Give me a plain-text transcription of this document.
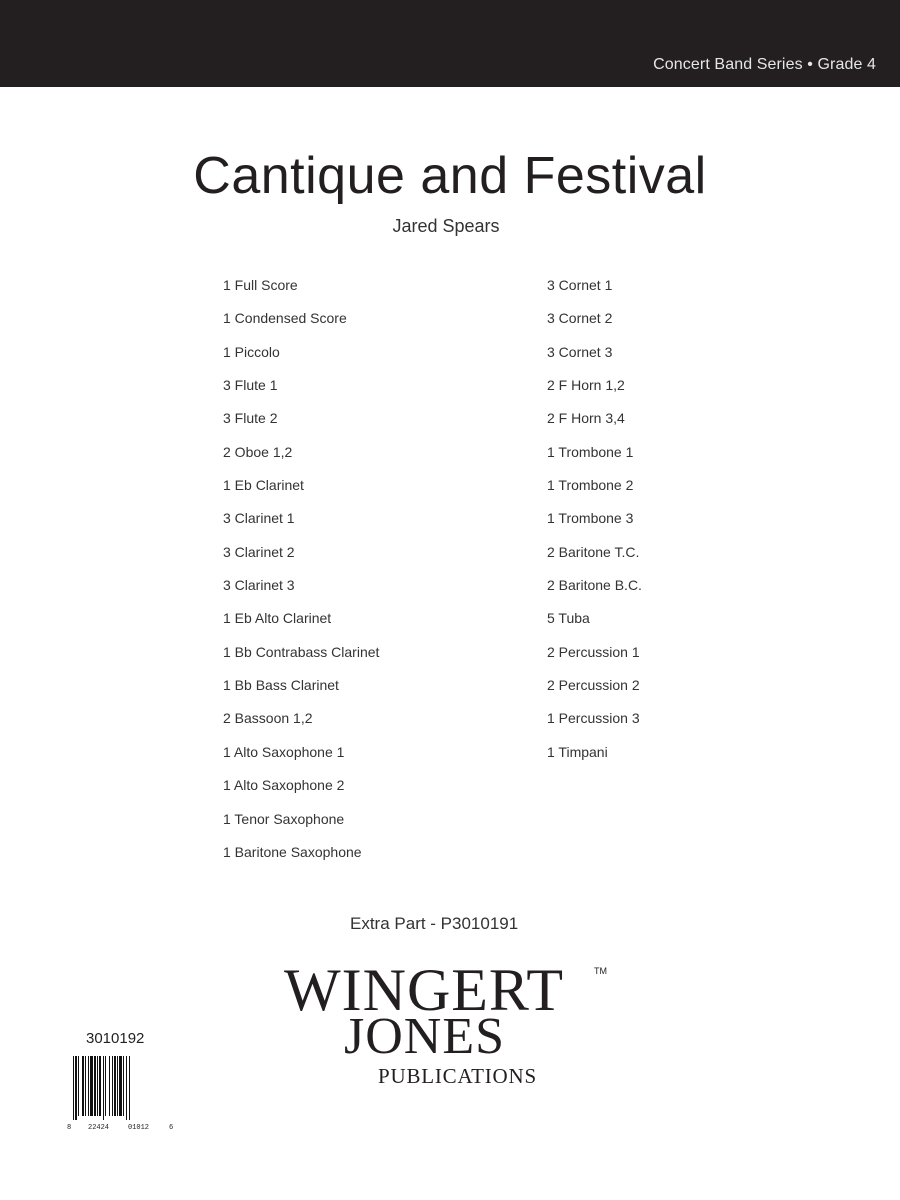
Concert Band Series • Grade 4
Cantique and Festival
Jared Spears
1 Full Score
1 Condensed Score
1 Piccolo
3 Flute 1
3 Flute 2
2 Oboe 1,2
1 Eb Clarinet
3 Clarinet 1
3 Clarinet 2
3 Clarinet 3
1 Eb Alto Clarinet
1 Bb Contrabass Clarinet
1 Bb Bass Clarinet
2 Bassoon 1,2
1 Alto Saxophone 1
1 Alto Saxophone 2
1 Tenor Saxophone
1 Baritone Saxophone
3 Cornet 1
3 Cornet 2
3 Cornet 3
2 F Horn 1,2
2 F Horn 3,4
1 Trombone 1
1 Trombone 2
1 Trombone 3
2 Baritone T.C.
2 Baritone B.C.
5 Tuba
2 Percussion 1
2 Percussion 2
1 Percussion 3
1 Timpani
Extra Part - P3010191
WINGERT	TM
JONES
PUBLICATIONS
3010192
8 22424	01012	6
